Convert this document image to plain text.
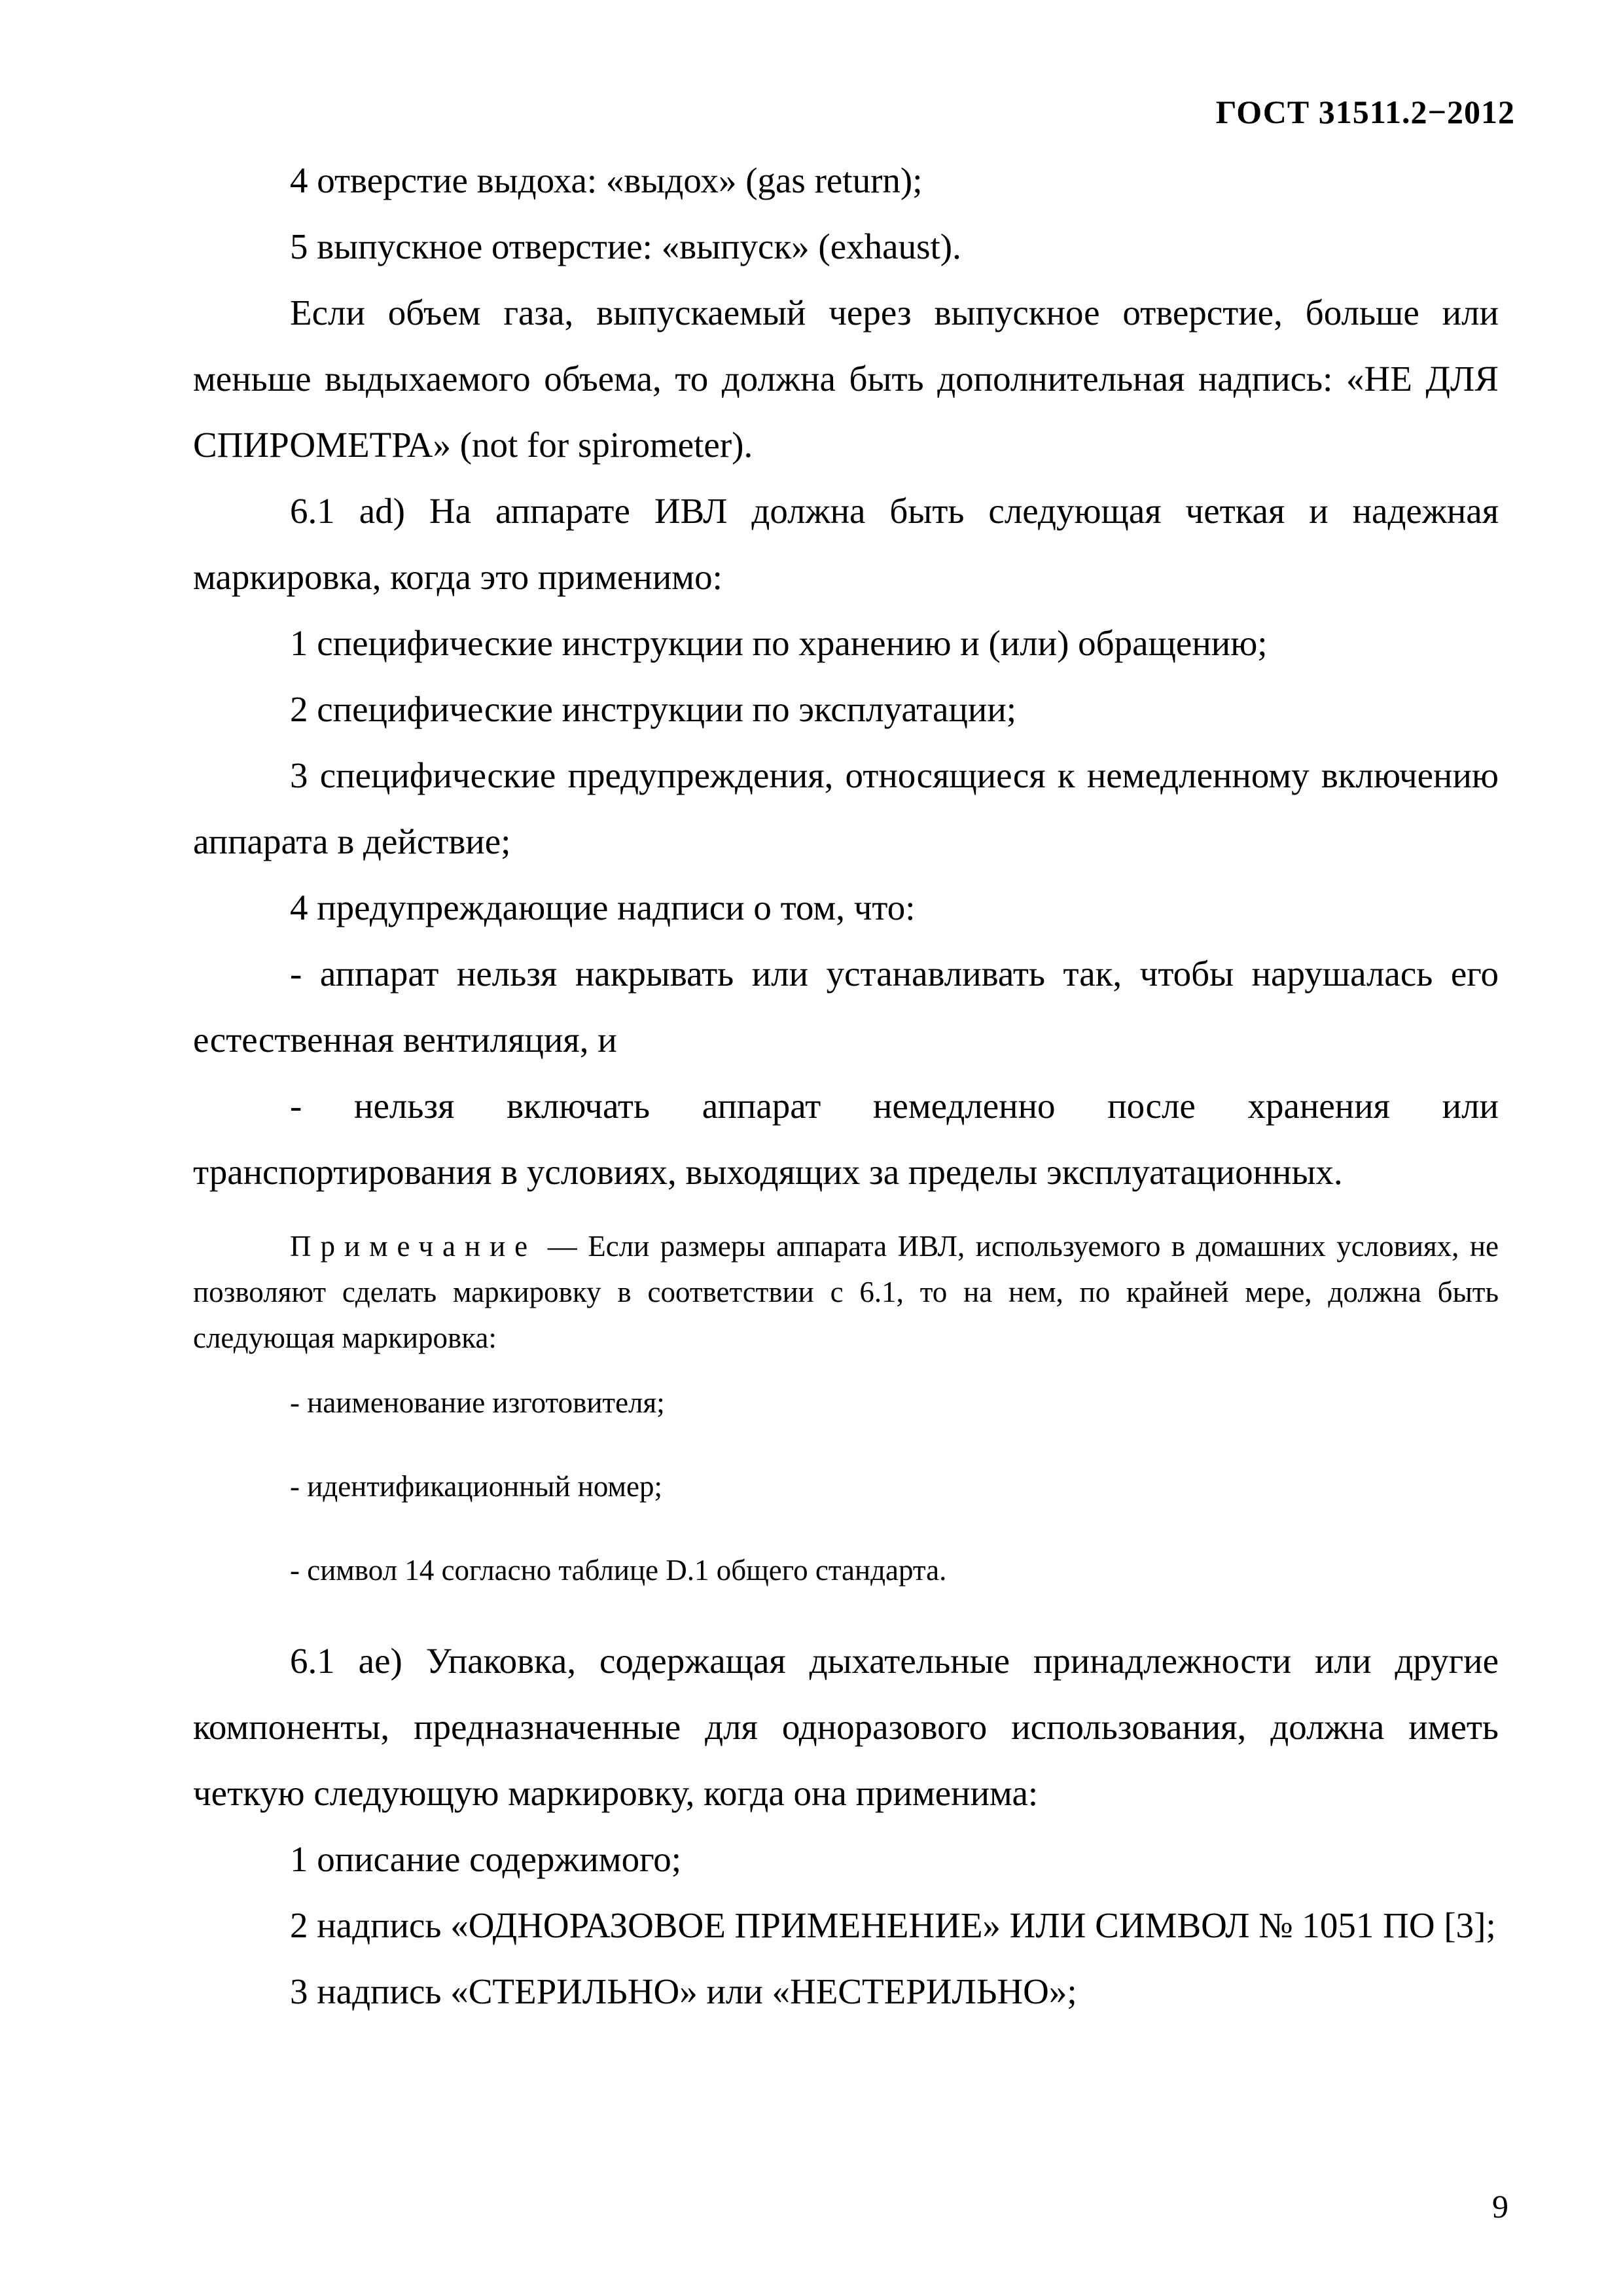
ГОСТ 31511.2−2012

4 отверстие выдоха: «выдох» (gas return);

5 выпускное отверстие: «выпуск» (exhaust).

Если объем газа, выпускаемый через выпускное отверстие, больше или меньше выдыхаемого объема, то должна быть дополнительная надпись: «НЕ ДЛЯ СПИРОМЕТРА» (not for spirometer).

6.1 ad) На аппарате ИВЛ должна быть следующая четкая и надежная маркировка, когда это применимо:

1 специфические инструкции по хранению и (или) обращению;

2 специфические инструкции по эксплуатации;

3 специфические предупреждения, относящиеся к немедленному включению аппарата в действие;

4 предупреждающие надписи о том, что:

- аппарат нельзя накрывать или устанавливать так, чтобы нарушалась его естественная вентиляция, и

- нельзя включать аппарат немедленно после хранения или транспортирования в условиях, выходящих за пределы эксплуатационных.

Примечание — Если размеры аппарата ИВЛ, используемого в домашних условиях, не позволяют сделать маркировку в соответствии с 6.1, то на нем, по крайней мере, должна быть следующая маркировка:

- наименование изготовителя;

- идентификационный номер;

- символ 14 согласно таблице D.1 общего стандарта.

6.1 ae) Упаковка, содержащая дыхательные принадлежности или другие компоненты, предназначенные для одноразового использования, должна иметь четкую следующую маркировку, когда она применима:

1 описание содержимого;

2 надпись «ОДНОРАЗОВОЕ ПРИМЕНЕНИЕ» ИЛИ СИМВОЛ № 1051 ПО [3];

3 надпись «СТЕРИЛЬНО» или «НЕСТЕРИЛЬНО»;

9
